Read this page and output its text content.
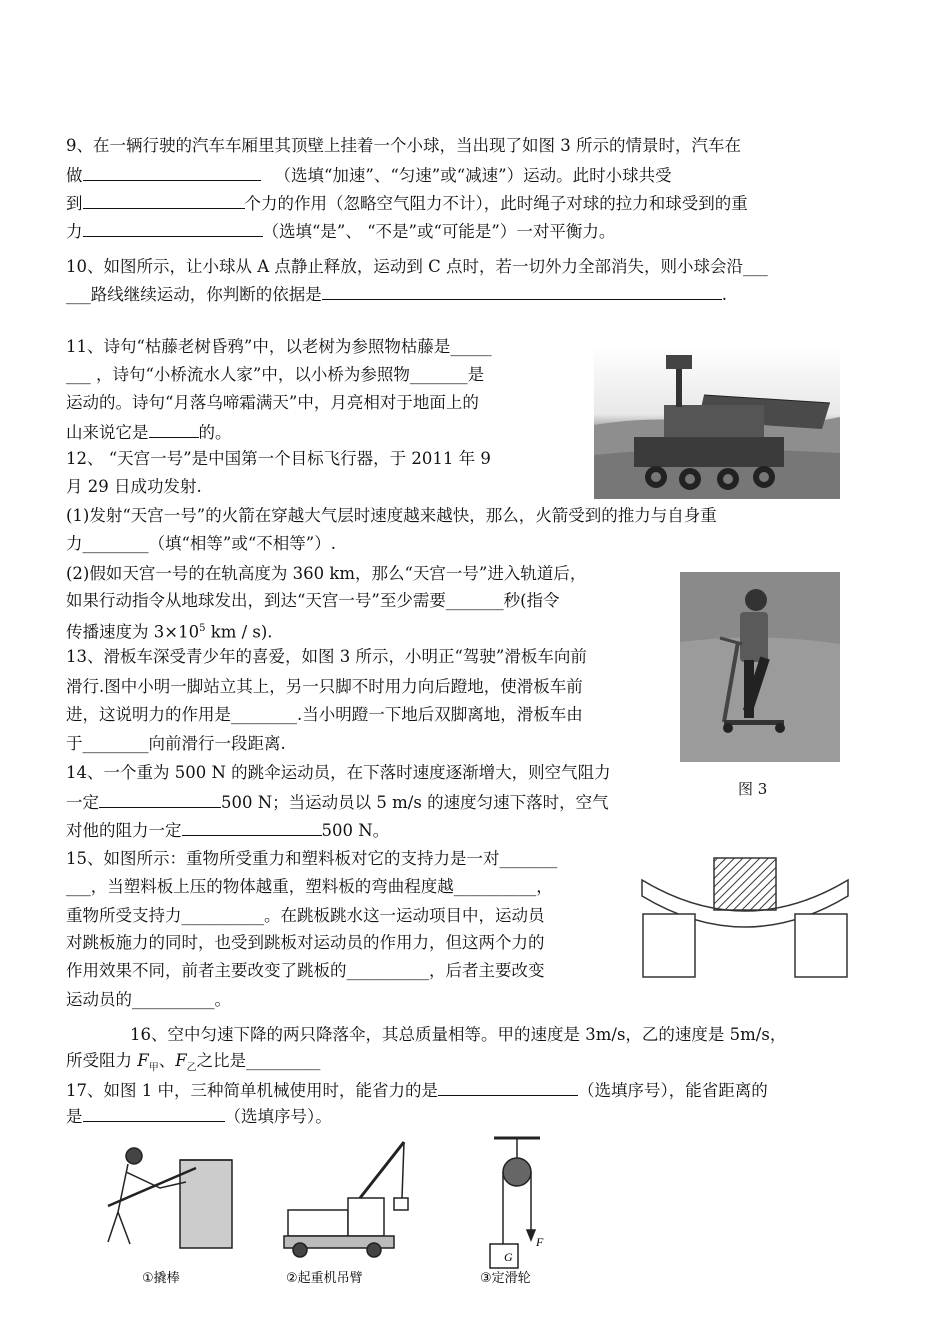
9、在一辆行驶的汽车车厢里其顶壁上挂着一个小球，当出现了如图 3 所示的情景时，汽车在
做	（选填“加速”、“匀速”或“减速”）运动。此时小球共受
到	个力的作用（忽略空气阻力不计），此时绳子对球的拉力和球受到的重
力	（选填“是”、 “不是”或“可能是”）一对平衡力。
10、如图所示，让小球从 A 点静止释放，运动到 C 点时，若一切外力全部消失，则小球会沿___
___路线继续运动，你判断的依据是	.
11、诗句“枯藤老树昏鸦”中，以老树为参照物枯藤是_____
___ ，诗句“小桥流水人家”中，以小桥为参照物_______是
运动的。诗句“月落乌啼霜满天”中，月亮相对于地面上的
山来说它是	的。
12、 “天宫一号”是中国第一个目标飞行器，于 2011 年 9
月 29 日成功发射.
(1)发射“天宫一号”的火箭在穿越大气层时速度越来越快，那么，火箭受到的推力与自身重
力________（填“相等”或“不相等”）.
(2)假如天宫一号的在轨高度为 360 km，那么“天宫一号”进入轨道后，
如果行动指令从地球发出，到达“天宫一号”至少需要_______秒(指令
传播速度为 $3\times 10^5$ km / s).
图 3
13、滑板车深受青少年的喜爱，如图 3 所示，小明正“驾驶”滑板车向前
滑行.图中小明一脚站立其上，另一只脚不时用力向后蹬地，使滑板车前
进，这说明力的作用是________.当小明蹬一下地后双脚离地，滑板车由
于________向前滑行一段距离.
14、一个重为 500 N 的跳伞运动员，在下落时速度逐渐增大，则空气阻力
一定	500 N；当运动员以 5 m/s 的速度匀速下落时，空气
对他的阻力一定	500 N。
15、如图所示：重物所受重力和塑料板对它的支持力是一对_______
___，当塑料板上压的物体越重，塑料板的弯曲程度越__________，
重物所受支持力__________。在跳板跳水这一运动项目中，运动员
对跳板施力的同时，也受到跳板对运动员的作用力，但这两个力的
作用效果不同，前者主要改变了跳板的__________，后者主要改变
运动员的__________。
16、空中匀速下降的两只降落伞，其总质量相等。甲的速度是 3m/s，乙的速度是 5m/s，
所受阻力 $F_甲$、$F_乙$之比是_________
17、如图 1 中，三种简单机械使用时，能省力的是	（选填序号），能省距离的
是	（选填序号）。
G
F
①撬棒	②起重机吊臂	③定滑轮
